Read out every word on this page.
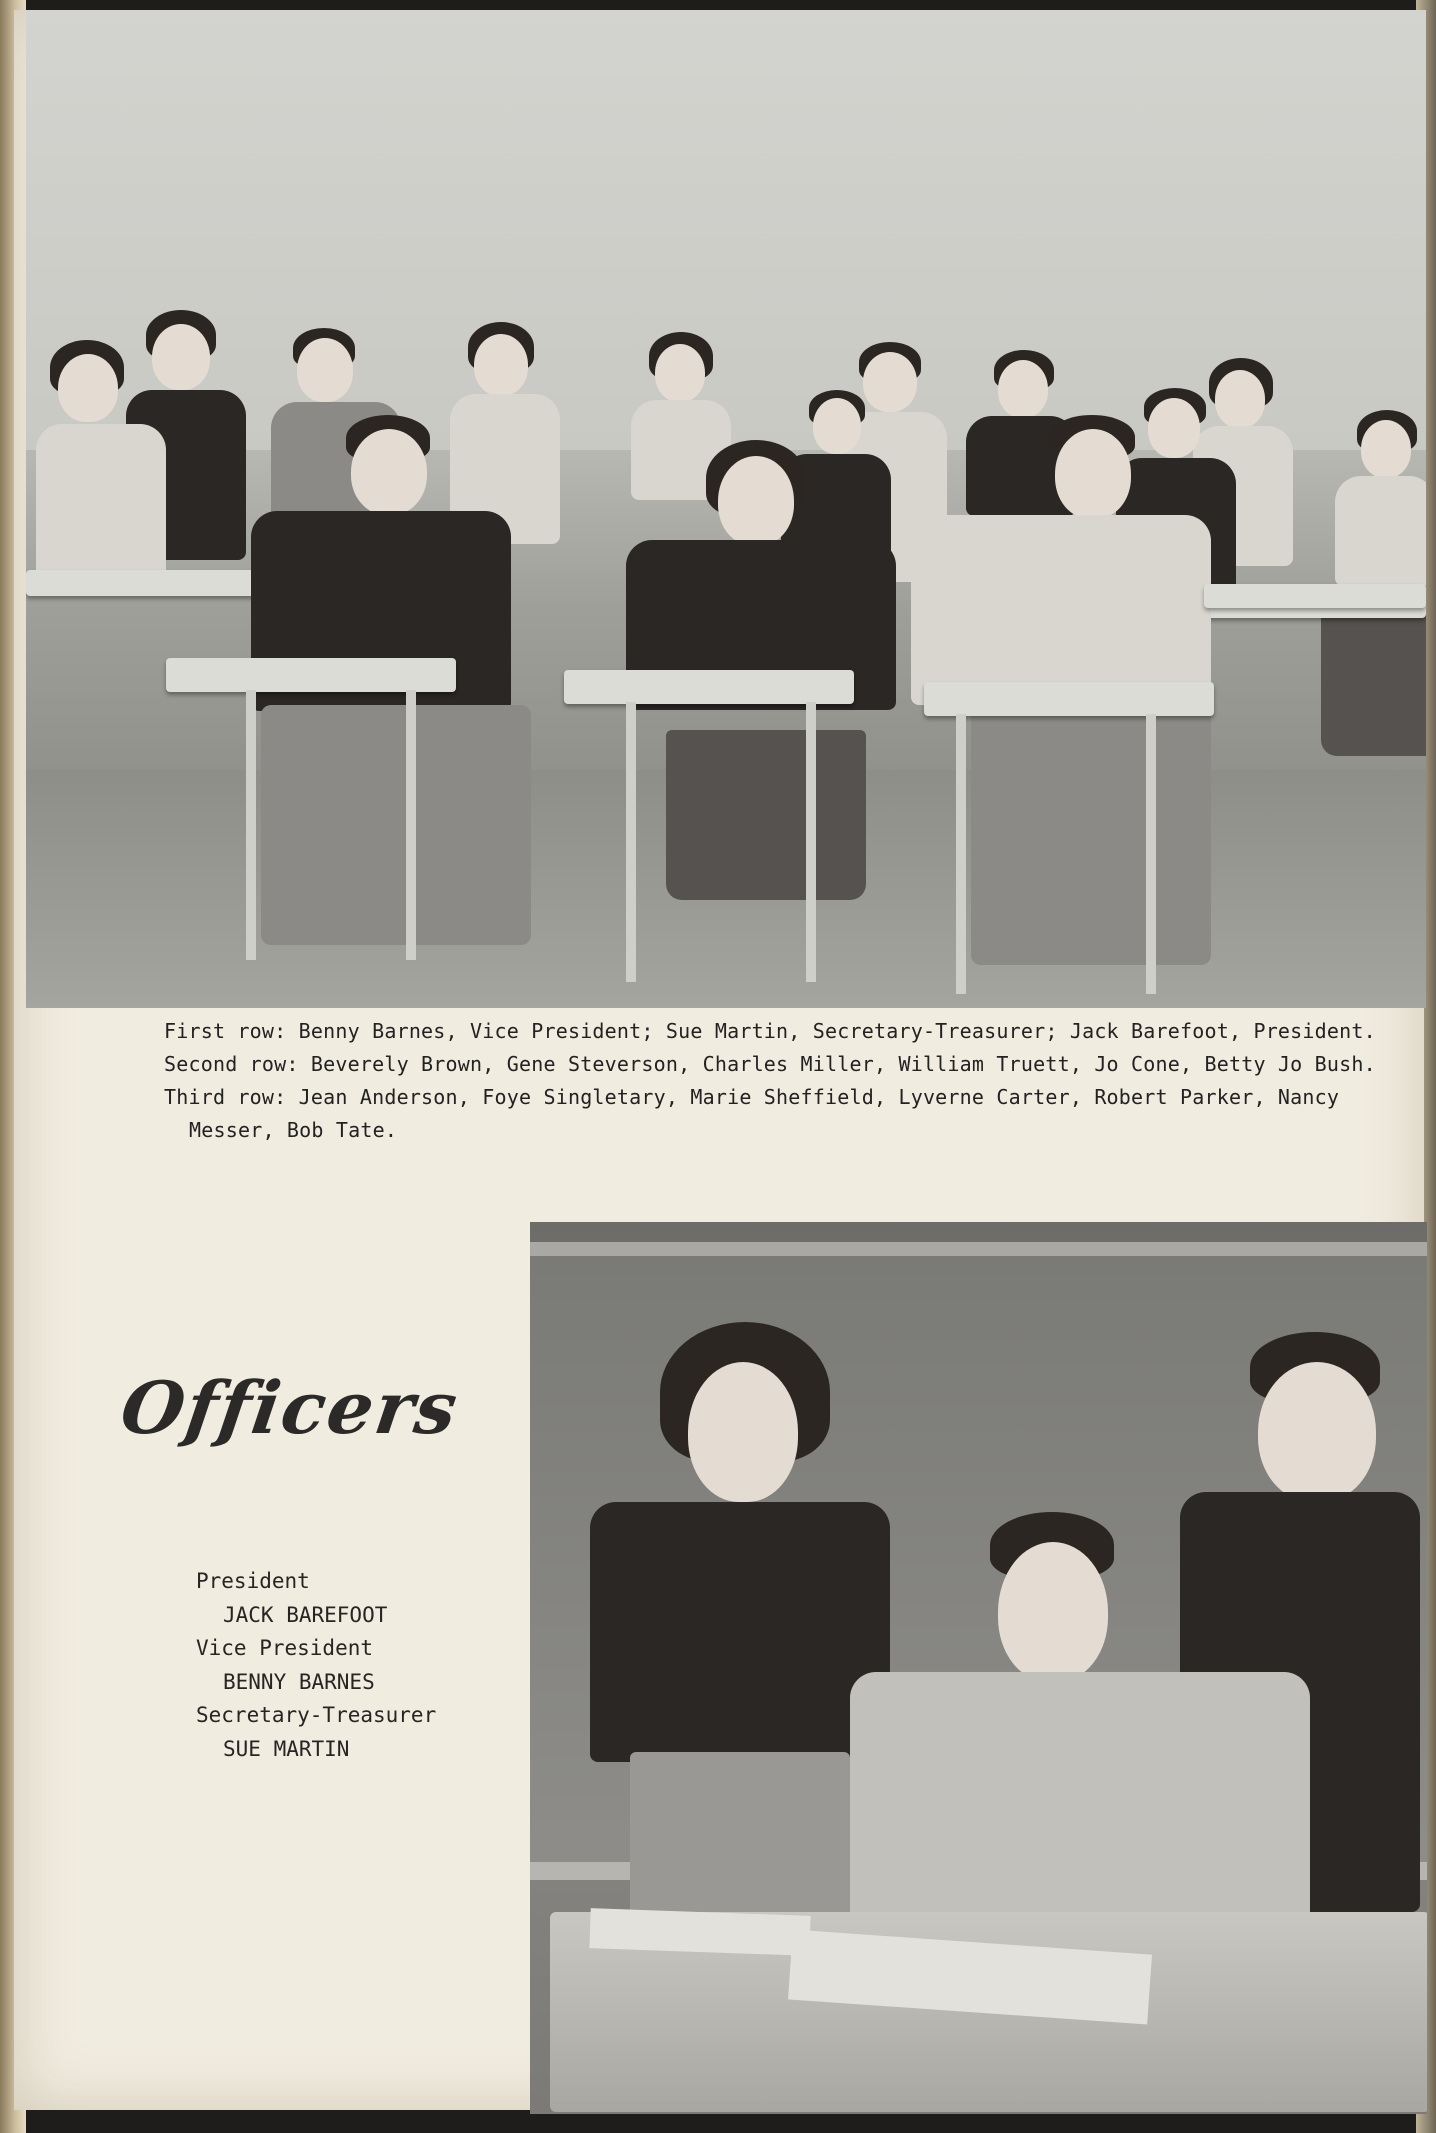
First row: Benny Barnes, Vice President; Sue Martin, Secretary-Treasurer; Jack Barefoot, President.
Second row: Beverely Brown, Gene Steverson, Charles Miller, William Truett, Jo Cone, Betty Jo Bush.
Third row: Jean Anderson, Foye Singletary, Marie Sheffield, Lyverne Carter, Robert Parker, Nancy
Messer, Bob Tate.
Officers
President
JACK BAREFOOT
Vice President
BENNY BARNES
Secretary-Treasurer
SUE MARTIN
